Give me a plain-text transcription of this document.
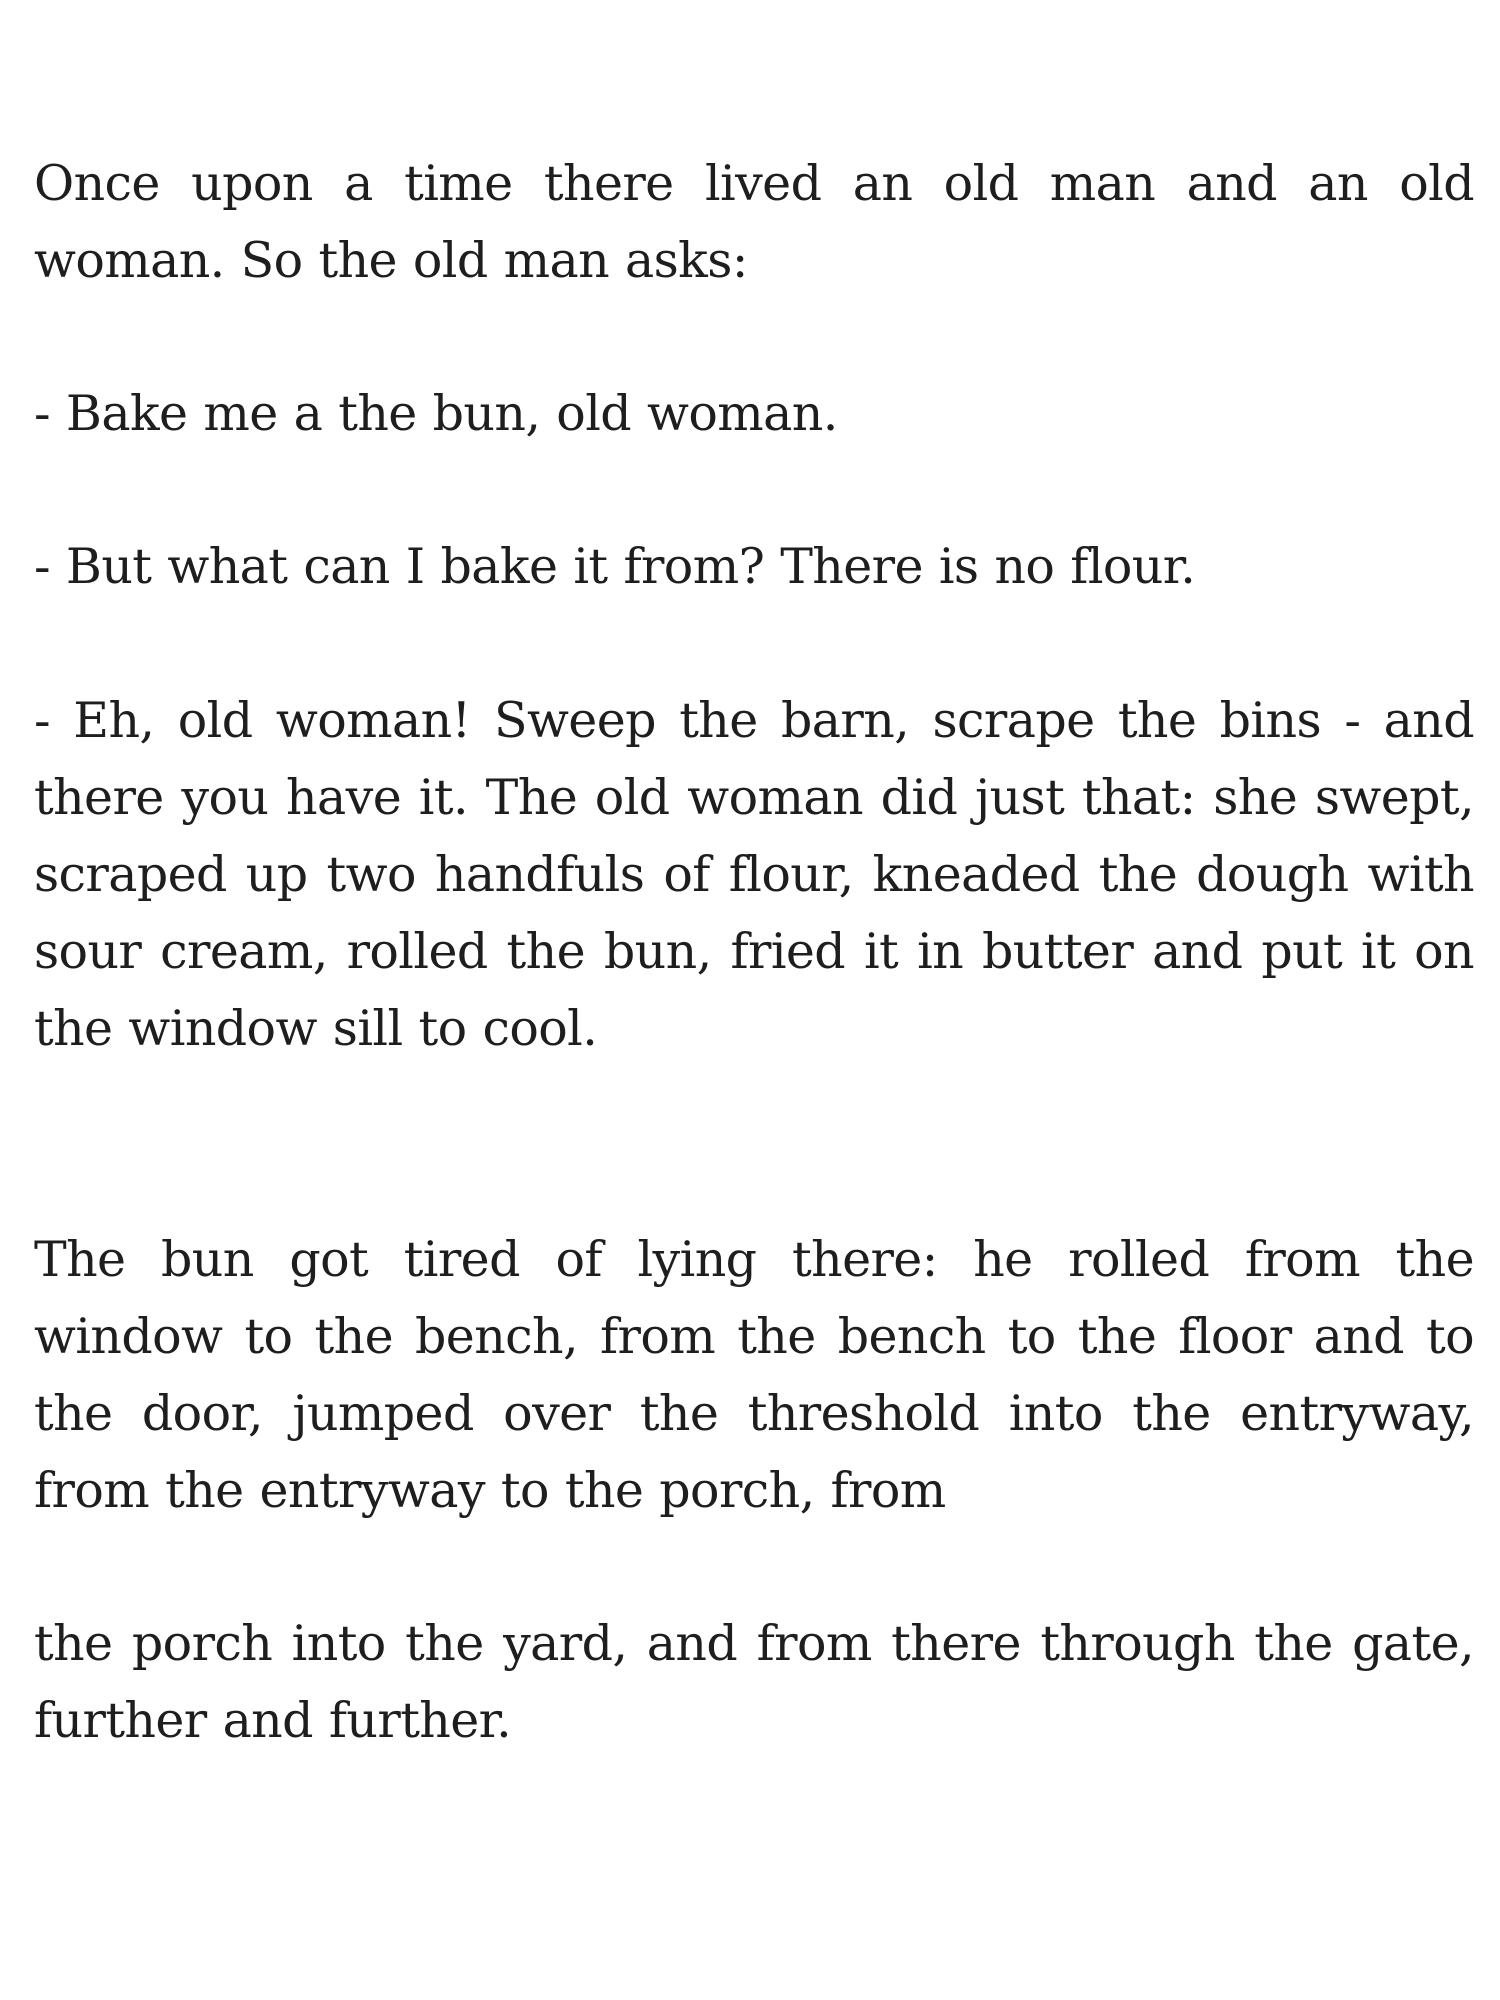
Once upon a time there lived an old man and an old woman. So the old man asks:

- Bake me a the bun, old woman.

- But what can I bake it from? There is no flour.

- Eh, old woman! Sweep the barn, scrape the bins - and there you have it. The old woman did just that: she swept, scraped up two handfuls of flour, kneaded the dough with sour cream, rolled the bun, fried it in butter and put it on the window sill to cool.

The bun got tired of lying there: he rolled from the window to the bench, from the bench to the floor and to the door, jumped over the threshold into the entryway, from the entryway to the porch, from

the porch into the yard, and from there through the gate, further and further.
